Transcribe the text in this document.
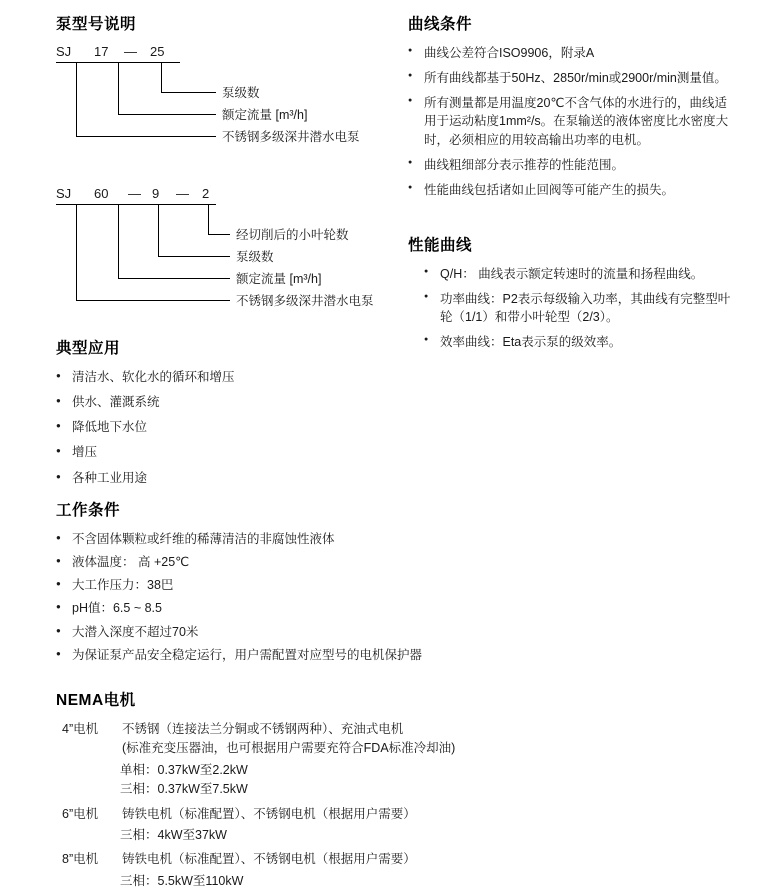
泵型号说明
SJ 17 — 25
泵级数
额定流量 [m³/h]
不锈钢多级深井潜水电泵
SJ 60 — 9 — 2
经切削后的小叶轮数
泵级数
额定流量 [m³/h]
不锈钢多级深井潜水电泵
典型应用
● 清洁水、软化水的循环和增压
● 供水、灌溉系统
● 降低地下水位
● 增压
● 各种工业用途
曲线条件
● 曲线公差符合ISO9906，附录A
● 所有曲线都基于50Hz、2850r/min或2900r/min测量值。
● 所有测量都是用温度20℃不含气体的水进行的，曲线适用于运动粘度1mm²/s。在泵输送的液体密度比水密度大时，必须相应的用较高输出功率的电机。
● 曲线粗细部分表示推荐的性能范围。
● 性能曲线包括诸如止回阀等可能产生的损失。
性能曲线
● Q/H： 曲线表示额定转速时的流量和扬程曲线。
● 功率曲线：P2表示每级输入功率，其曲线有完整型叶轮（1/1）和带小叶轮型（2/3）。
● 效率曲线：Eta表示泵的级效率。
工作条件
● 不含固体颗粒或纤维的稀薄清洁的非腐蚀性液体
● 液体温度： 高 +25℃
● 大工作压力：38巴
● pH值：6.5 ~ 8.5
● 大潜入深度不超过70米
● 为保证泵产品安全稳定运行，用户需配置对应型号的电机保护器
NEMA电机
4”电机	不锈钢（连接法兰分铜或不锈钢两种）、充油式电机
(标准充变压器油，也可根据用户需要充符合FDA标准冷却油)
单相：0.37kW至2.2kW
三相：0.37kW至7.5kW
6”电机	铸铁电机（标准配置）、不锈钢电机（根据用户需要）
三相：4kW至37kW
8”电机	铸铁电机（标准配置）、不锈钢电机（根据用户需要）
三相：5.5kW至110kW
